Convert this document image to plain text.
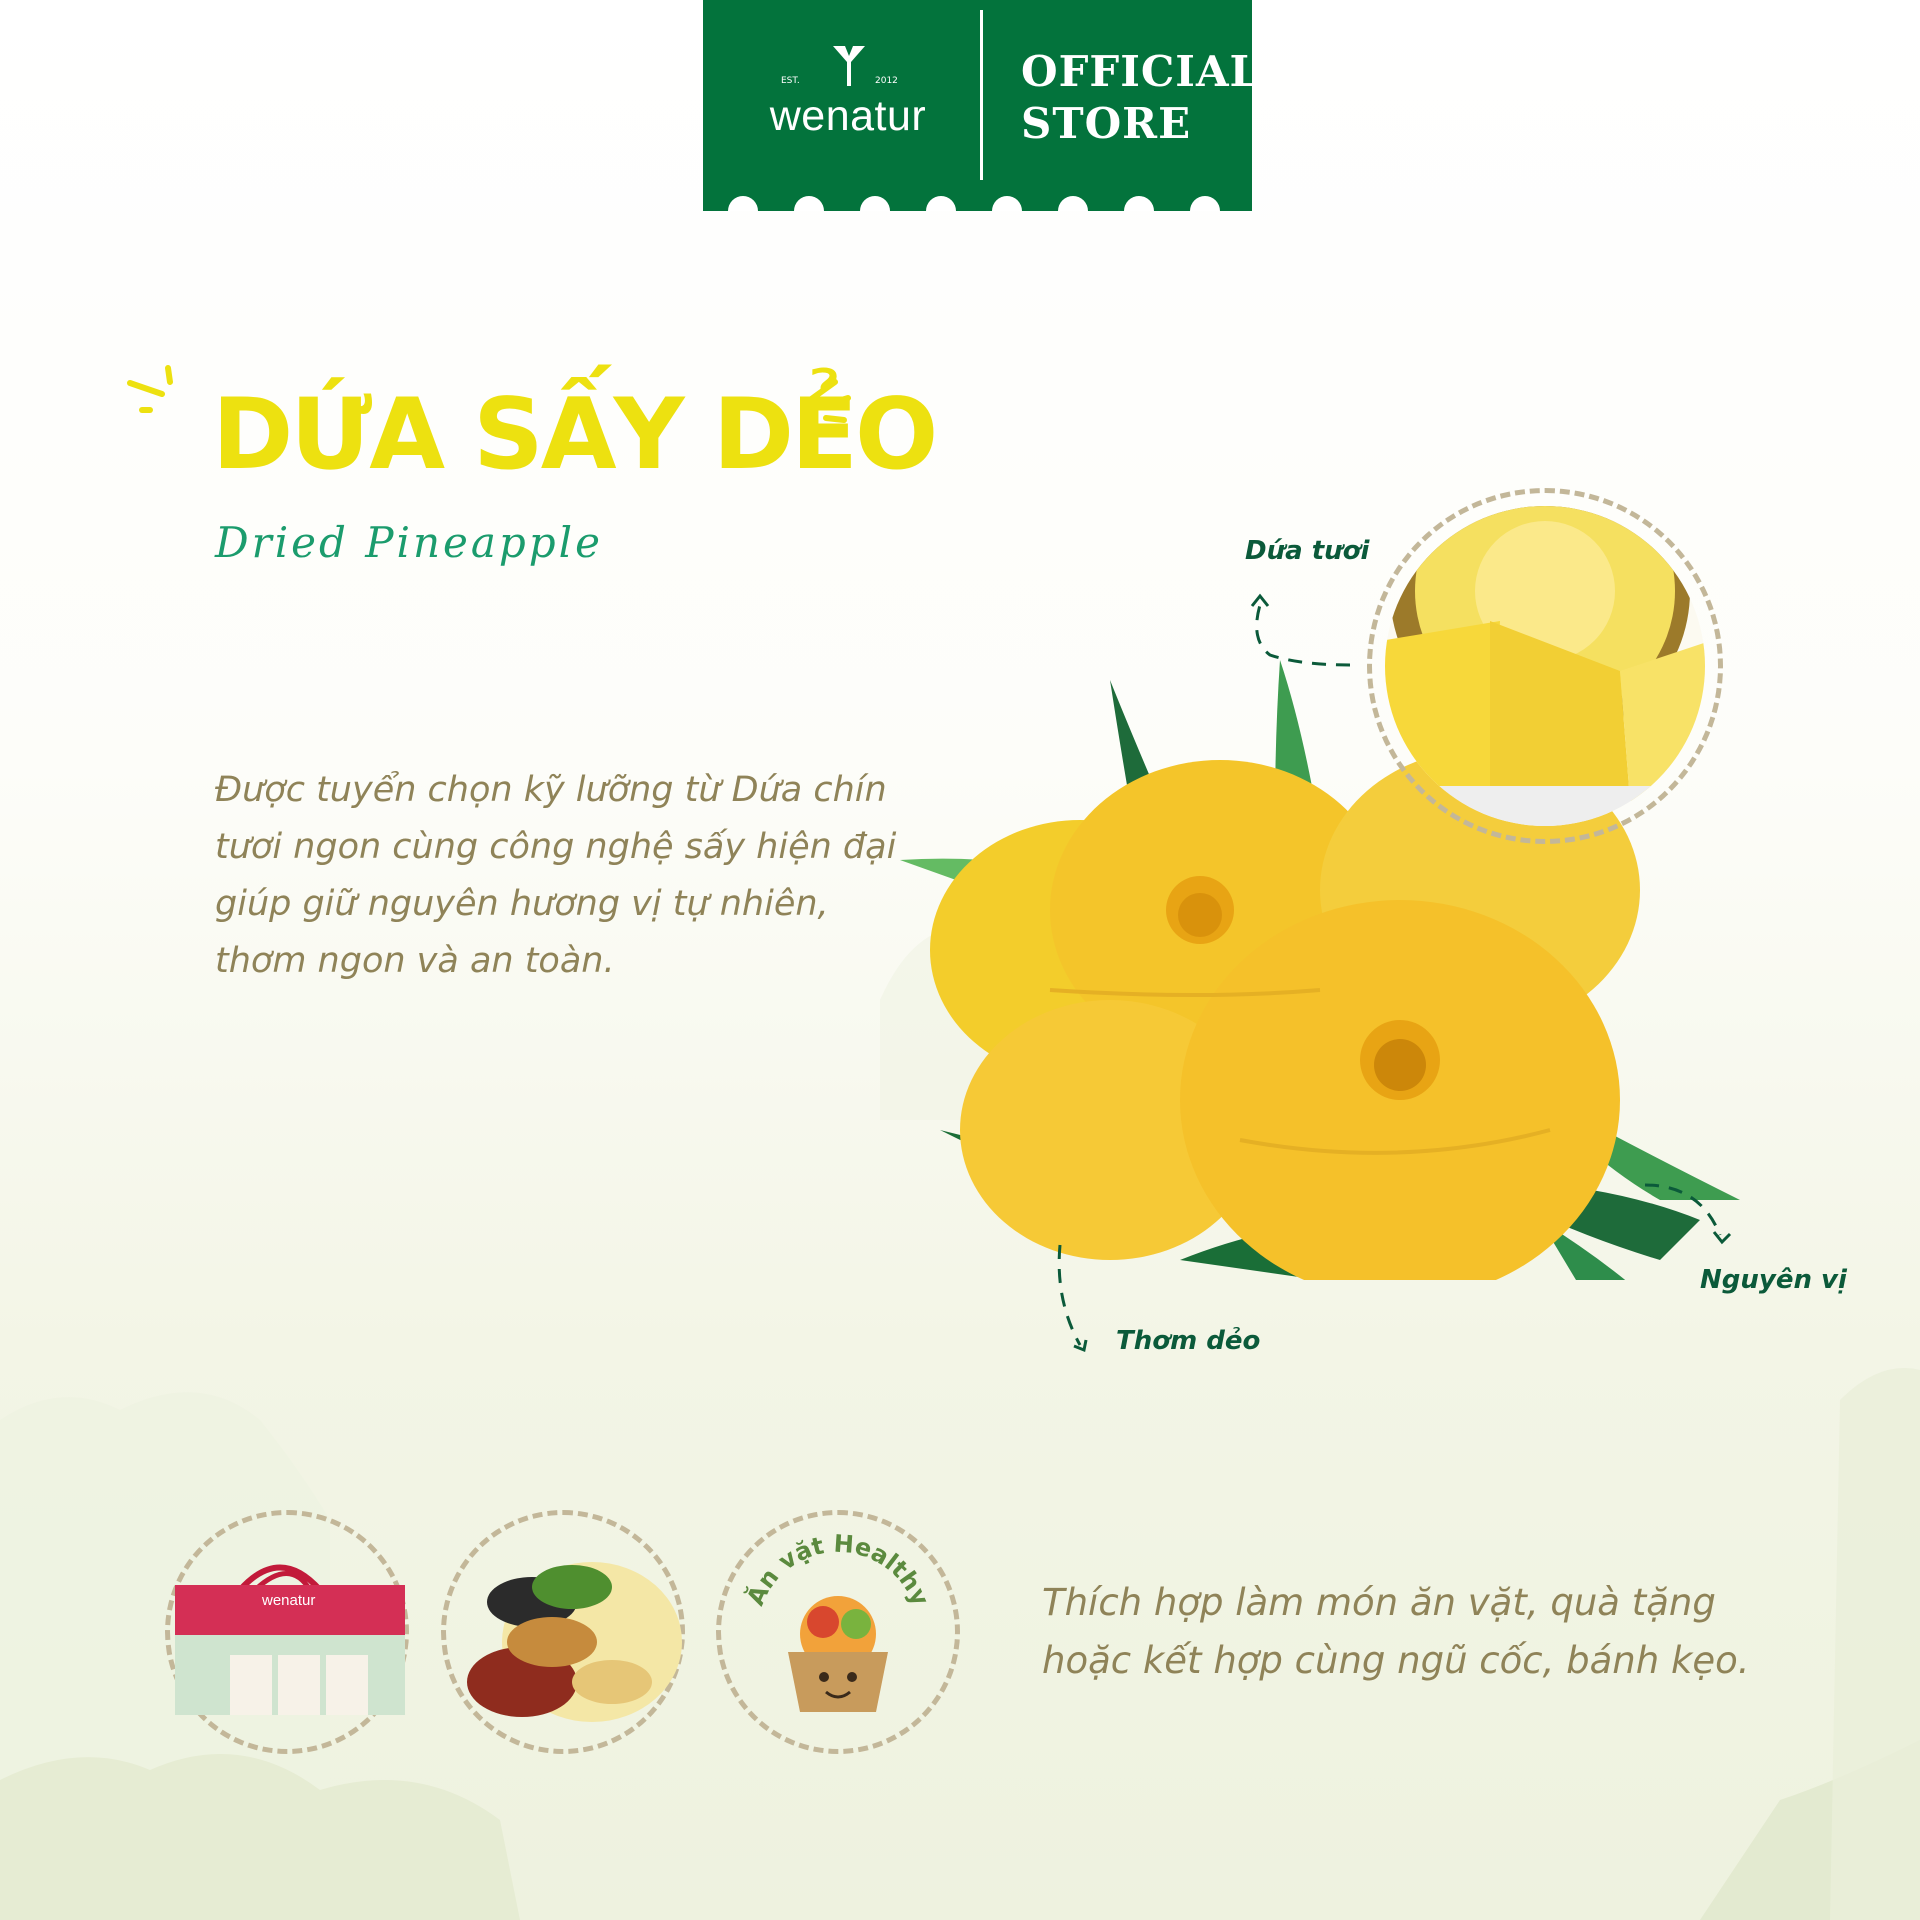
EST.	2012
wenatur
OFFICIAL
STORE
DỨA SẤY DẺO
Dried Pineapple
Được tuyển chọn kỹ lưỡng từ Dứa chín tươi ngon cùng công nghệ sấy hiện đại giúp giữ nguyên hương vị tự nhiên, thơm ngon và an toàn.
Dứa tươi
Thơm dẻo
Nguyên vị
wenatur	Ăn vặt Healthy	Thích hợp làm món ăn vặt, quà tặng hoặc kết hợp cùng ngũ cốc, bánh kẹo.
